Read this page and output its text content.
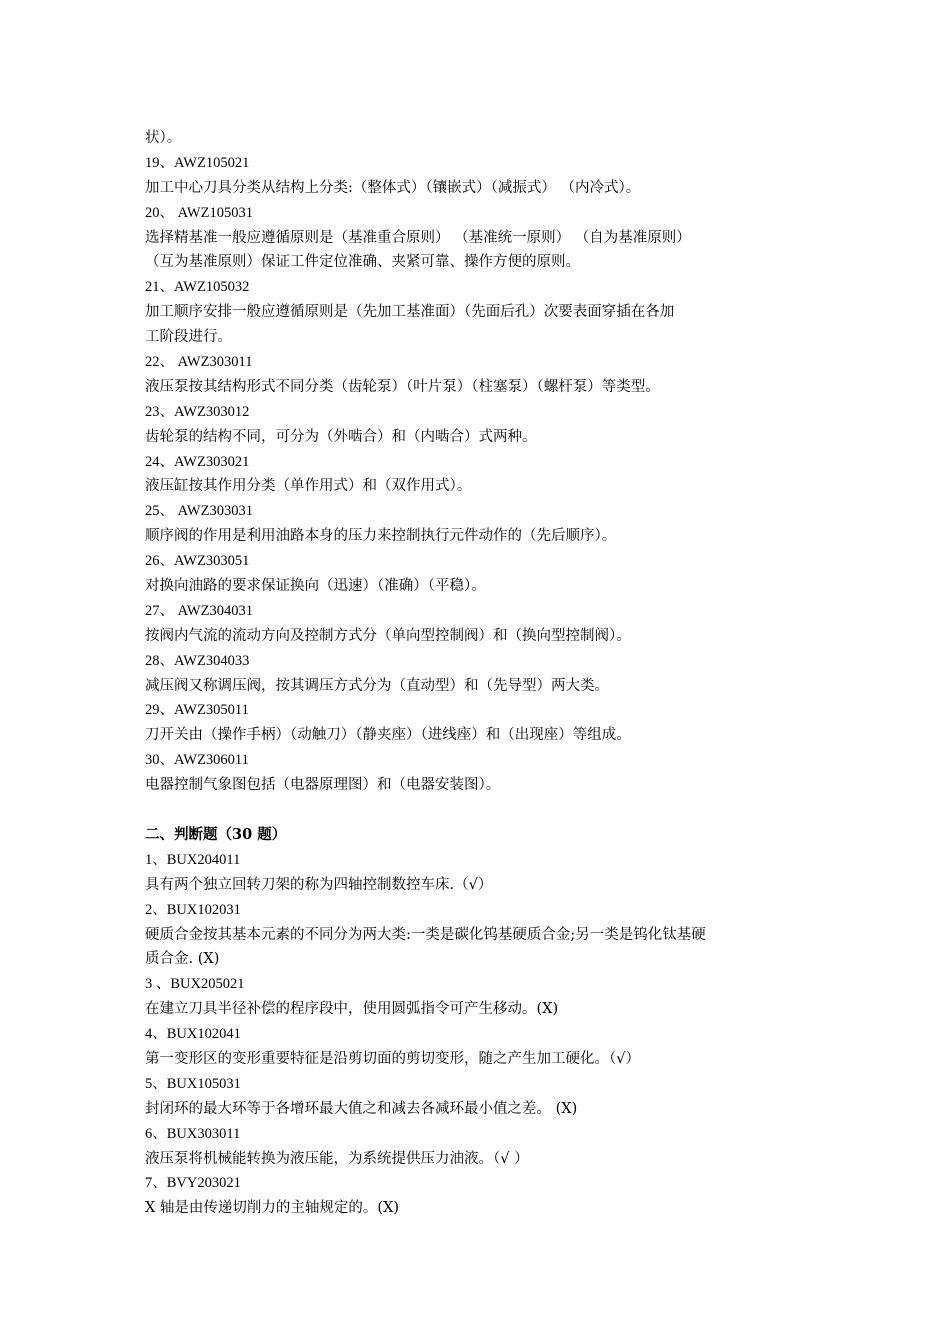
状）。
19、AWZ105021
加工中心刀具分类从结构上分类:（整体式）（镶嵌式）（减振式） （内冷式）。
20、 AWZ105031
选择精基准一般应遵循原则是（基准重合原则） （基准统一原则） （自为基准原则）
（互为基准原则）保证工件定位准确、夹紧可靠、操作方便的原则。
21、AWZ105032
加工顺序安排一般应遵循原则是（先加工基准面）（先面后孔）次要表面穿插在各加
工阶段进行。
22、 AWZ303011
液压泵按其结构形式不同分类（齿轮泵）（叶片泵）（柱塞泵）（螺杆泵）等类型。
23、AWZ303012
齿轮泵的结构不同，可分为（外啮合）和（内啮合）式两种。
24、AWZ303021
液压缸按其作用分类（单作用式）和（双作用式）。
25、 AWZ303031
顺序阀的作用是利用油路本身的压力来控制执行元件动作的（先后顺序）。
26、AWZ303051
对换向油路的要求保证换向（迅速）（准确）（平稳）。
27、 AWZ304031
按阀内气流的流动方向及控制方式分（单向型控制阀）和（换向型控制阀）。
28、AWZ304033
减压阀又称调压阀，按其调压方式分为（直动型）和（先导型）两大类。
29、AWZ305011
刀开关由（操作手柄）（动触刀）（静夹座）（进线座）和（出现座）等组成。
30、AWZ306011
电器控制气象图包括（电器原理图）和（电器安装图）。
二、判断题（30 题）
1、BUX204011
具有两个独立回转刀架的称为四轴控制数控车床.（√）
2、BUX102031
硬质合金按其基本元素的不同分为两大类:一类是碳化钨基硬质合金;另一类是钨化钛基硬
质合金. (X)
3 、BUX205021
在建立刀具半径补偿的程序段中，使用圆弧指令可产生移动。(X)
4、BUX102041
第一变形区的变形重要特征是沿剪切面的剪切变形，随之产生加工硬化。（√）
5、BUX105031
封闭环的最大环等于各增环最大值之和减去各减环最小值之差。 (X)
6、BUX303011
液压泵将机械能转换为液压能，为系统提供压力油液。（√ ）
7、BVY203021
X 轴是由传递切削力的主轴规定的。(X)
